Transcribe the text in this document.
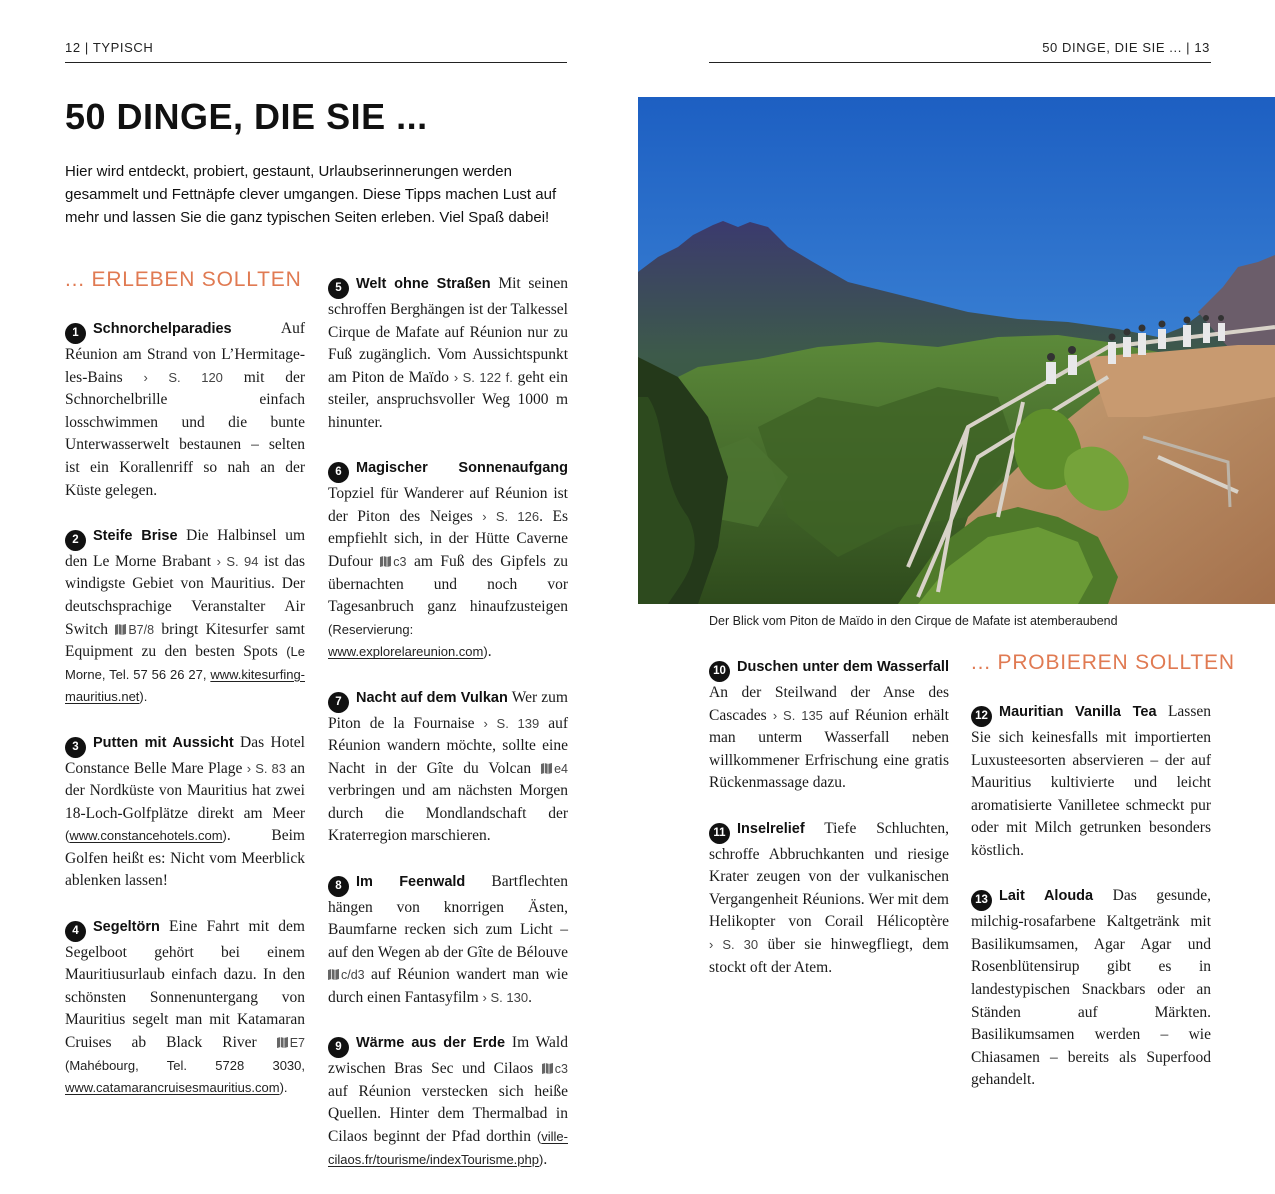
12 | TYPISCH	50 DINGE, DIE SIE ... | 13
50 DINGE, DIE SIE ...

Hier wird entdeckt, probiert, gestaunt, Urlaubserinnerungen werden gesammelt und Fettnäpfe clever umgangen. Diese Tipps machen Lust auf mehr und lassen Sie die ganz typischen Seiten erleben. Viel Spaß dabei!

... ERLEBEN SOLLTEN
... PROBIEREN SOLLTEN

1 Schnorchelparadies Auf Réunion am Strand von L’Hermitage-les-Bains › S. 120 mit der Schnorchelbrille einfach losschwimmen und die bunte Unterwasserwelt bestaunen – selten ist ein Korallenriff so nah an der Küste gelegen.

2 Steife Brise Die Halbinsel um den Le Morne Brabant › S. 94 ist das windigste Gebiet von Mauritius. Der deutschsprachige Veranstalter Air Switch B7/8 bringt Kitesurfer samt Equipment zu den besten Spots (Le Morne, Tel. 57 56 26 27, www.kitesurfing-mauritius.net).

3 Putten mit Aussicht Das Hotel Constance Belle Mare Plage › S. 83 an der Nordküste von Mauritius hat zwei 18-Loch-Golfplätze direkt am Meer (www.constancehotels.com). Beim Golfen heißt es: Nicht vom Meerblick ablenken lassen!

4 Segeltörn Eine Fahrt mit dem Segelboot gehört bei einem Mauritiusurlaub einfach dazu. In den schönsten Sonnenuntergang von Mauritius segelt man mit Katamaran Cruises ab Black River E7 (Mahébourg, Tel. 5728 3030, www.catamarancruisesmauritius.com).

5 Welt ohne Straßen Mit seinen schroffen Berghängen ist der Talkessel Cirque de Mafate auf Réunion nur zu Fuß zugänglich. Vom Aussichtspunkt am Piton de Maïdo › S. 122 f. geht ein steiler, anspruchsvoller Weg 1000 m hinunter.

6 Magischer Sonnenaufgang Topziel für Wanderer auf Réunion ist der Piton des Neiges › S. 126. Es empfiehlt sich, in der Hütte Caverne Dufour c3 am Fuß des Gipfels zu übernachten und noch vor Tagesanbruch ganz hinaufzusteigen (Reservierung: www.explorelareunion.com).

7 Nacht auf dem Vulkan Wer zum Piton de la Fournaise › S. 139 auf Réunion wandern möchte, sollte eine Nacht in der Gîte du Volcan e4 verbringen und am nächsten Morgen durch die Mondlandschaft der Kraterregion marschieren.

8 Im Feenwald Bartflechten hängen von knorrigen Ästen, Baumfarne recken sich zum Licht – auf den Wegen ab der Gîte de Bélouve c/d3 auf Réunion wandert man wie durch einen Fantasyfilm › S. 130.

9 Wärme aus der Erde Im Wald zwischen Bras Sec und Cilaos c3 auf Réunion verstecken sich heiße Quellen. Hinter dem Thermalbad in Cilaos beginnt der Pfad dorthin (ville-cilaos.fr/tourisme/indexTourisme.php).

Der Blick vom Piton de Maïdo in den Cirque de Mafate ist atemberaubend

10 Duschen unter dem Wasserfall An der Steilwand der Anse des Cascades › S. 135 auf Réunion erhält man unterm Wasserfall neben willkommener Erfrischung eine gratis Rückenmassage dazu.

11 Inselrelief Tiefe Schluchten, schroffe Abbruchkanten und riesige Krater zeugen von der vulkanischen Vergangenheit Réunions. Wer mit dem Helikopter von Corail Hélicoptère › S. 30 über sie hinwegfliegt, dem stockt oft der Atem.

12 Mauritian Vanilla Tea Lassen Sie sich keinesfalls mit importierten Luxusteesorten abservieren – der auf Mauritius kultivierte und leicht aromatisierte Vanilletee schmeckt pur oder mit Milch getrunken besonders köstlich.

13 Lait Alouda Das gesunde, milchig-rosafarbene Kaltgetränk mit Basilikumsamen, Agar Agar und Rosenblütensirup gibt es in landestypischen Snackbars oder an Ständen auf Märkten. Basilikumsamen werden – wie Chiasamen – bereits als Superfood gehandelt.
